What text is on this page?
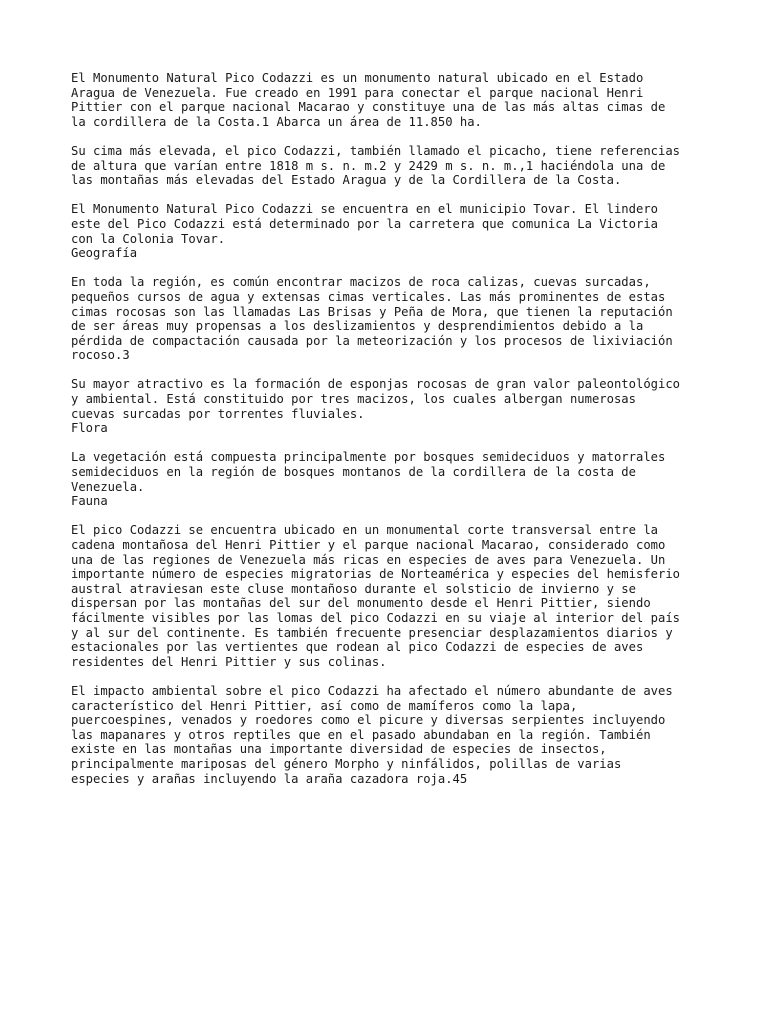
El Monumento Natural Pico Codazzi es un monumento natural ubicado en el Estado
Aragua de Venezuela. Fue creado en 1991 para conectar el parque nacional Henri
Pittier con el parque nacional Macarao y constituye una de las más altas cimas de
la cordillera de la Costa.1 Abarca un área de 11.850 ha.

Su cima más elevada, el pico Codazzi, también llamado el picacho, tiene referencias
de altura que varían entre 1818 m s. n. m.2 y 2429 m s. n. m.,1 haciéndola una de
las montañas más elevadas del Estado Aragua y de la Cordillera de la Costa.

El Monumento Natural Pico Codazzi se encuentra en el municipio Tovar. El lindero
este del Pico Codazzi está determinado por la carretera que comunica La Victoria
con la Colonia Tovar.
Geografía

En toda la región, es común encontrar macizos de roca calizas, cuevas surcadas,
pequeños cursos de agua y extensas cimas verticales. Las más prominentes de estas
cimas rocosas son las llamadas Las Brisas y Peña de Mora, que tienen la reputación
de ser áreas muy propensas a los deslizamientos y desprendimientos debido a la
pérdida de compactación causada por la meteorización y los procesos de lixiviación
rocoso.3

Su mayor atractivo es la formación de esponjas rocosas de gran valor paleontológico
y ambiental. Está constituido por tres macizos, los cuales albergan numerosas
cuevas surcadas por torrentes fluviales.
Flora

La vegetación está compuesta principalmente por bosques semideciduos y matorrales
semideciduos en la región de bosques montanos de la cordillera de la costa de
Venezuela.
Fauna

El pico Codazzi se encuentra ubicado en un monumental corte transversal entre la
cadena montañosa del Henri Pittier y el parque nacional Macarao, considerado como
una de las regiones de Venezuela más ricas en especies de aves para Venezuela. Un
importante número de especies migratorias de Norteamérica y especies del hemisferio
austral atraviesan este cluse montañoso durante el solsticio de invierno y se
dispersan por las montañas del sur del monumento desde el Henri Pittier, siendo
fácilmente visibles por las lomas del pico Codazzi en su viaje al interior del país
y al sur del continente. Es también frecuente presenciar desplazamientos diarios y
estacionales por las vertientes que rodean al pico Codazzi de especies de aves
residentes del Henri Pittier y sus colinas.

El impacto ambiental sobre el pico Codazzi ha afectado el número abundante de aves
característico del Henri Pittier, así como de mamíferos como la lapa,
puercoespines, venados y roedores como el picure y diversas serpientes incluyendo
las mapanares y otros reptiles que en el pasado abundaban en la región. También
existe en las montañas una importante diversidad de especies de insectos,
principalmente mariposas del género Morpho y ninfálidos, polillas de varias
especies y arañas incluyendo la araña cazadora roja.45
